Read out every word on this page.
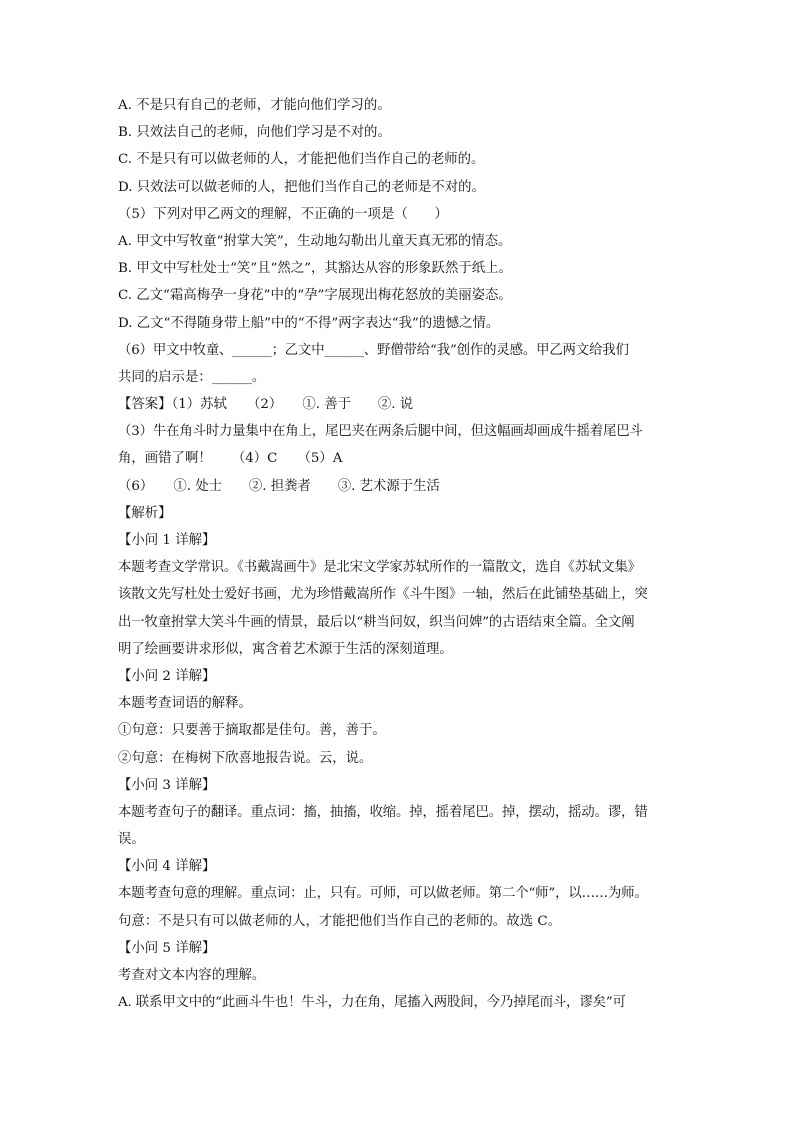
A. 不是只有自己的老师，才能向他们学习的。
B. 只效法自己的老师，向他们学习是不对的。
C. 不是只有可以做老师的人，才能把他们当作自己的老师的。
D. 只效法可以做老师的人，把他们当作自己的老师是不对的。
（5）下列对甲乙两文的理解，不正确的一项是（　　）
A. 甲文中写牧童“拊掌大笑”，生动地勾勒出儿童天真无邪的情态。
B. 甲文中写杜处士“笑”且“然之”，其豁达从容的形象跃然于纸上。
C. 乙文“霜高梅孕一身花”中的“孕”字展现出梅花怒放的美丽姿态。
D. 乙文“不得随身带上船”中的“不得”两字表达“我”的遗憾之情。
（6）甲文中牧童、______；乙文中______、野僧带给“我”创作的灵感。甲乙两文给我们
共同的启示是：______。
【答案】（1）苏轼　　（2）　　①. 善于　　②. 说
（3）牛在角斗时力量集中在角上，尾巴夹在两条后腿中间，但这幅画却画成牛摇着尾巴斗
角，画错了啊！　　（4）C　　（5）A
（6）　　①. 处士　　②. 担粪者　　③. 艺术源于生活
【解析】
【小问 1 详解】
本题考查文学常识。《书戴嵩画牛》是北宋文学家苏轼所作的一篇散文，选自《苏轼文集》
该散文先写杜处士爱好书画，尤为珍惜戴嵩所作《斗牛图》一轴，然后在此铺垫基础上，突
出一牧童拊掌大笑斗牛画的情景，最后以“耕当问奴，织当问婢”的古语结束全篇。全文阐
明了绘画要讲求形似，寓含着艺术源于生活的深刻道理。
【小问 2 详解】
本题考查词语的解释。
①句意：只要善于摘取都是佳句。善，善于。
②句意：在梅树下欣喜地报告说。云，说。
【小问 3 详解】
本题考查句子的翻译。重点词：搐，抽搐，收缩。掉，摇着尾巴。掉，摆动，摇动。谬，错
误。
【小问 4 详解】
本题考查句意的理解。重点词：止，只有。可师，可以做老师。第二个“师”，以……为师。
句意：不是只有可以做老师的人，才能把他们当作自己的老师的。故选 C。
【小问 5 详解】
考查对文本内容的理解。
A. 联系甲文中的“此画斗牛也！牛斗，力在角，尾搐入两股间，今乃掉尾而斗，谬矣”可
